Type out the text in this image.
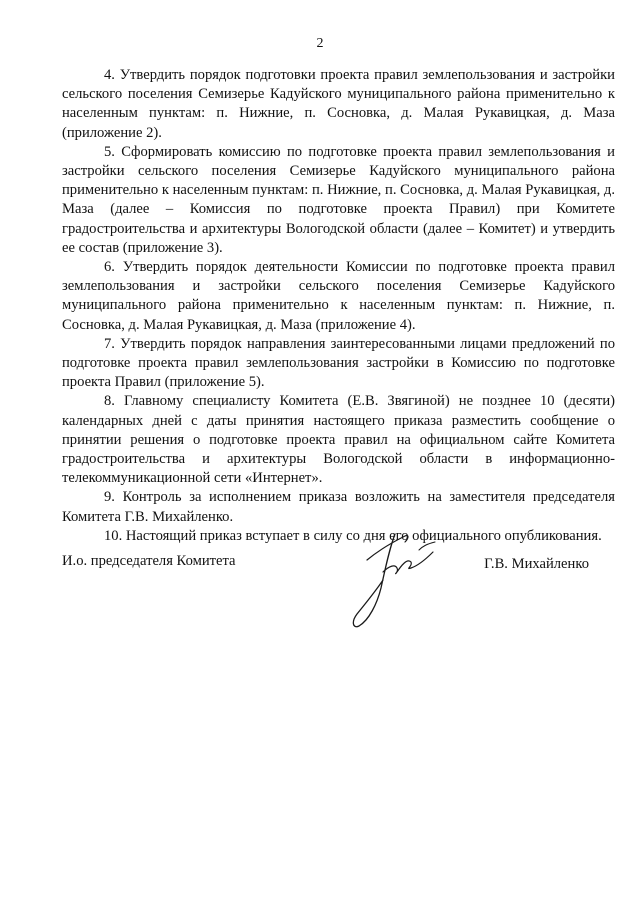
2

4. Утвердить порядок подготовки проекта правил землепользования и застройки сельского поселения Семизерье Кадуйского муниципального района применительно к населенным пунктам: п. Нижние, п. Сосновка, д. Малая Рукавицкая, д. Маза (приложение 2).

5. Сформировать комиссию по подготовке проекта правил землепользования и застройки сельского поселения Семизерье Кадуйского муниципального района применительно к населенным пунктам: п. Нижние, п. Сосновка, д. Малая Рукавицкая, д. Маза (далее – Комиссия по подготовке проекта Правил) при Комитете градостроительства и архитектуры Вологодской области (далее – Комитет) и утвердить ее состав (приложение 3).

6. Утвердить порядок деятельности Комиссии по подготовке проекта правил землепользования и застройки сельского поселения Семизерье Кадуйского муниципального района применительно к населенным пунктам: п. Нижние, п. Сосновка, д. Малая Рукавицкая, д. Маза (приложение 4).

7. Утвердить порядок направления заинтересованными лицами предложений по подготовке проекта правил землепользования застройки в Комиссию по подготовке проекта Правил (приложение 5).

8. Главному специалисту Комитета (Е.В. Звягиной) не позднее 10 (десяти) календарных дней с даты принятия настоящего приказа разместить сообщение о принятии решения о подготовке проекта правил на официальном сайте Комитета градостроительства и архитектуры Вологодской области в информационно-телекоммуникационной сети «Интернет».

9. Контроль за исполнением приказа возложить на заместителя председателя Комитета Г.В. Михайленко.

10. Настоящий приказ вступает в силу со дня его официального опубликования.

И.о. председателя Комитета	Г.В. Михайленко
